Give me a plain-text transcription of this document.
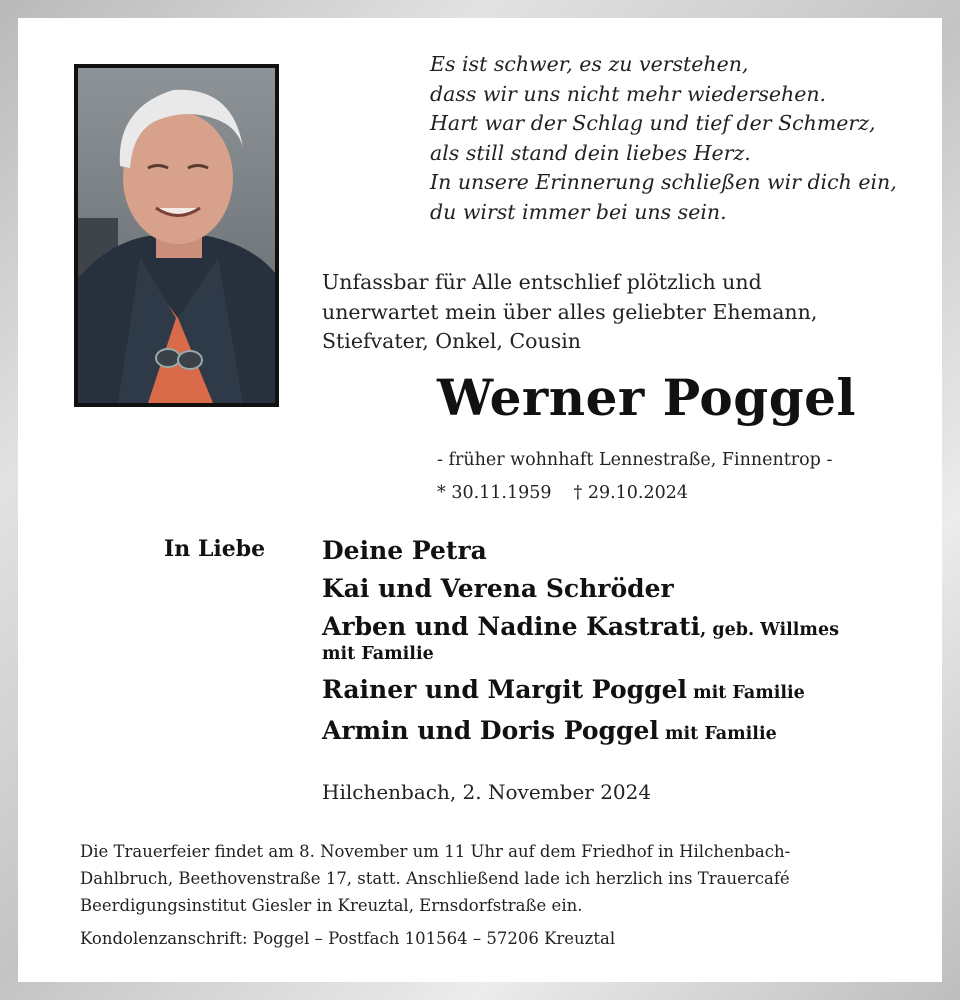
Es ist schwer, es zu verstehen,
dass wir uns nicht mehr wiedersehen.
Hart war der Schlag und tief der Schmerz,
als still stand dein liebes Herz.
In unsere Erinnerung schließen wir dich ein,
du wirst immer bei uns sein.
Unfassbar für Alle entschlief plötzlich und
unerwartet mein über alles geliebter Ehemann,
Stiefvater, Onkel, Cousin
Werner Poggel
- früher wohnhaft Lennestraße, Finnentrop -
* 30.11.1959 † 29.10.2024
In Liebe Deine Petra
Kai und Verena Schröder
Arben und Nadine Kastrati, geb. Willmes
mit Familie
Rainer und Margit Poggel mit Familie
Armin und Doris Poggel mit Familie
Hilchenbach, 2. November 2024
Die Trauerfeier findet am 8. November um 11 Uhr auf dem Friedhof in Hilchenbach-
Dahlbruch, Beethovenstraße 17, statt. Anschließend lade ich herzlich ins Trauercafé
Beerdigungsinstitut Giesler in Kreuztal, Ernsdorfstraße ein.
Kondolenzanschrift: Poggel – Postfach 101564 – 57206 Kreuztal
